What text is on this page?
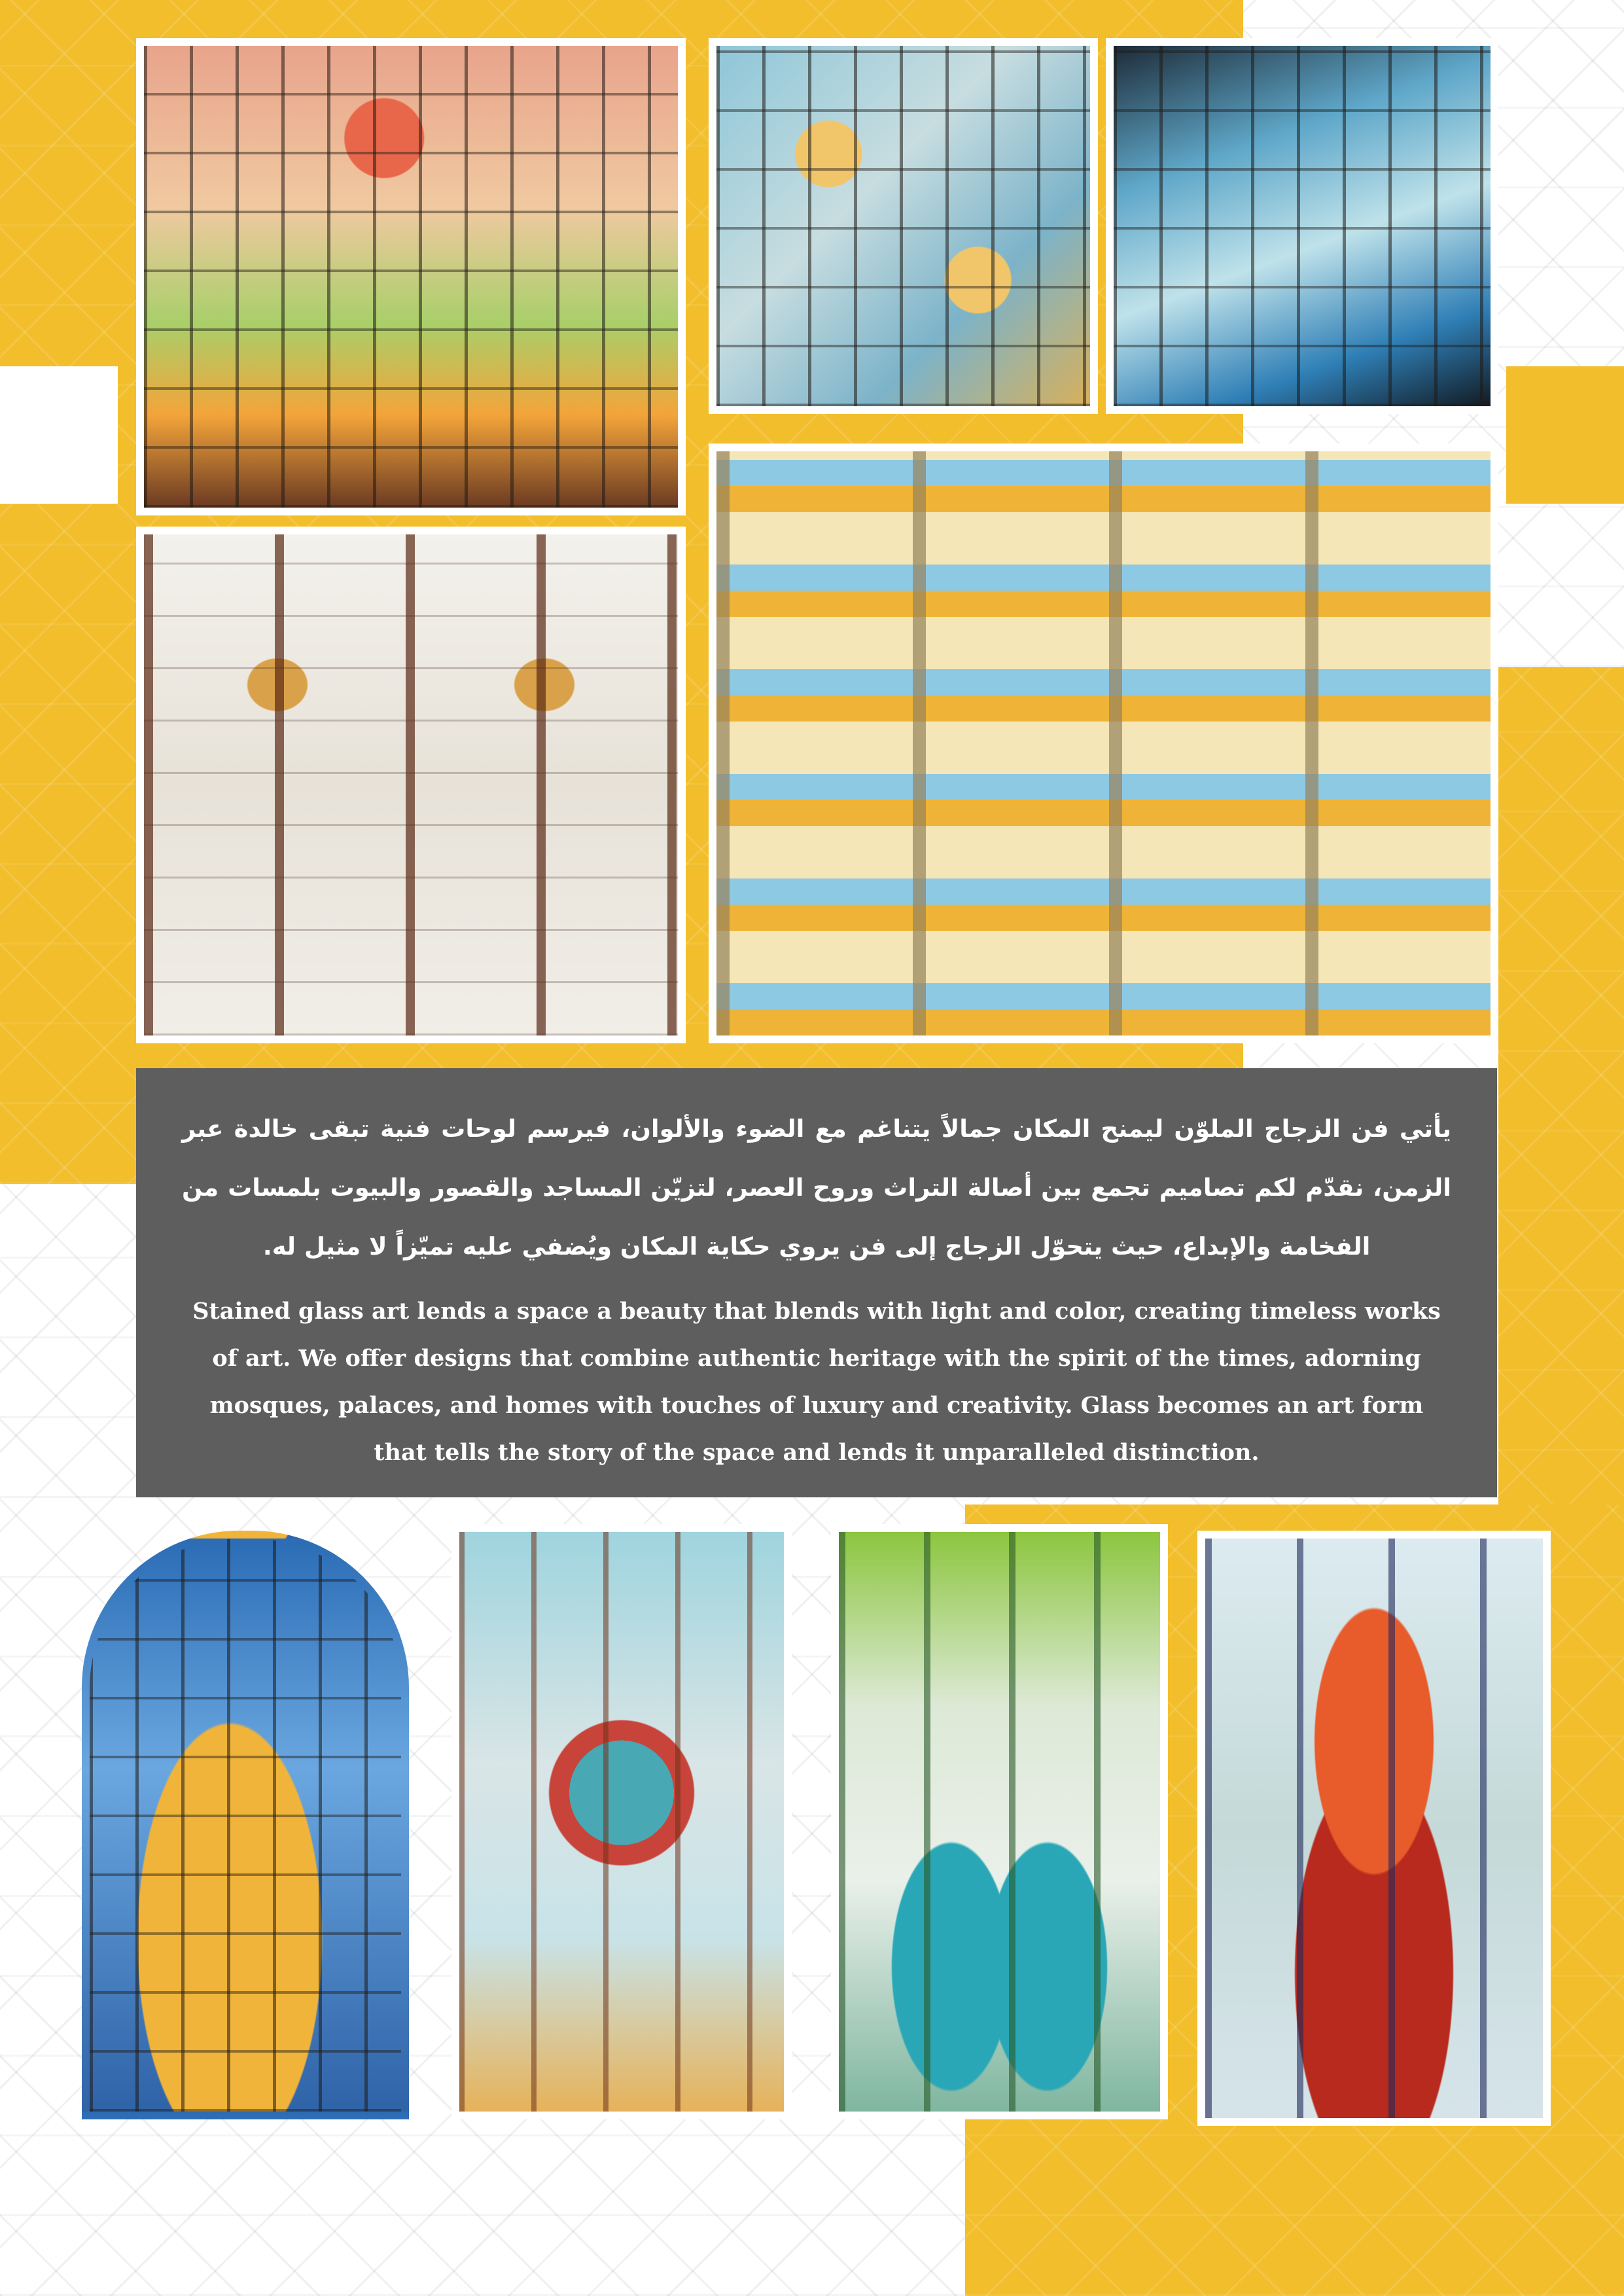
يأتي فن الزجاج الملوّن ليمنح المكان جمالاً يتناغم مع الضوء والألوان، فيرسم لوحات فنية تبقى خالدة عبر الزمن، نقدّم لكم تصاميم تجمع بين أصالة التراث وروح العصر، لتزيّن المساجد والقصور والبيوت بلمسات من الفخامة والإبداع، حيث يتحوّل الزجاج إلى فن يروي حكاية المكان ويُضفي عليه تميّزاً لا مثيل له.

Stained glass art lends a space a beauty that blends with light and color, creating timeless works of art. We offer designs that combine authentic heritage with the spirit of the times, adorning mosques, palaces, and homes with touches of luxury and creativity. Glass becomes an art form that tells the story of the space and lends it unparalleled distinction.
